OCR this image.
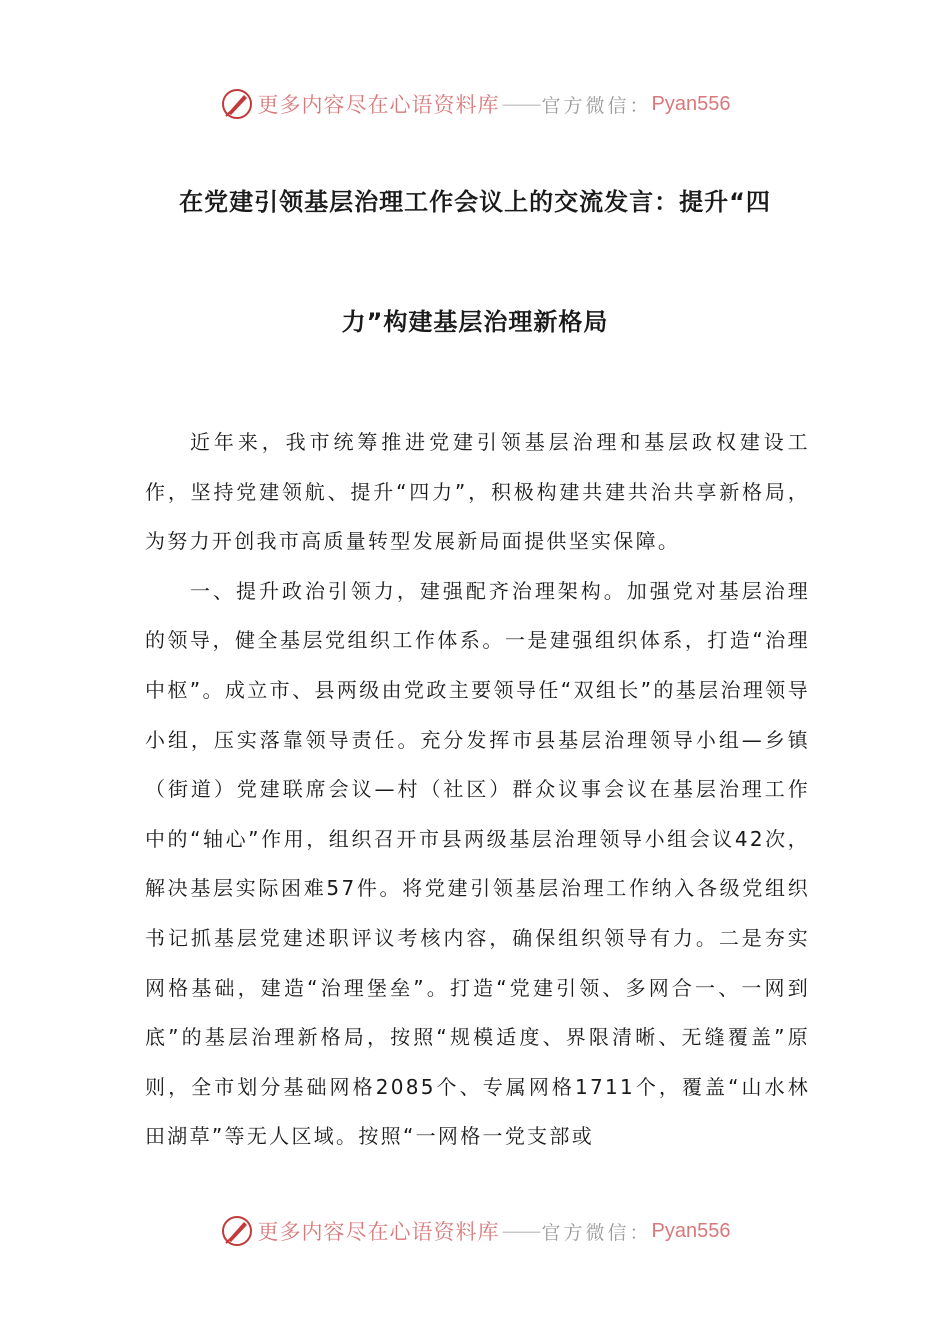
更多内容尽在心语资料库 —— 官方微信： Pyan556
在党建引领基层治理工作会议上的交流发言：提升“四
力”构建基层治理新格局

近年来，我市统筹推进党建引领基层治理和基层政权建设工作，坚持党建领航、提升“四力”，积极构建共建共治共享新格局，为努力开创我市高质量转型发展新局面提供坚实保障。

一、提升政治引领力，建强配齐治理架构。加强党对基层治理的领导，健全基层党组织工作体系。一是建强组织体系，打造“治理中枢”。成立市、县两级由党政主要领导任“双组长”的基层治理领导小组，压实落靠领导责任。充分发挥市县基层治理领导小组—乡镇（街道）党建联席会议—村（社区）群众议事会议在基层治理工作中的“轴心”作用，组织召开市县两级基层治理领导小组会议42次，解决基层实际困难57件。将党建引领基层治理工作纳入各级党组织书记抓基层党建述职评议考核内容，确保组织领导有力。二是夯实网格基础，建造“治理堡垒”。打造“党建引领、多网合一、一网到底”的基层治理新格局，按照“规模适度、界限清晰、无缝覆盖”原则，全市划分基础网格2085个、专属网格1711个，覆盖“山水林田湖草”等无人区域。按照“一网格一党支部或

更多内容尽在心语资料库 —— 官方微信： Pyan556
